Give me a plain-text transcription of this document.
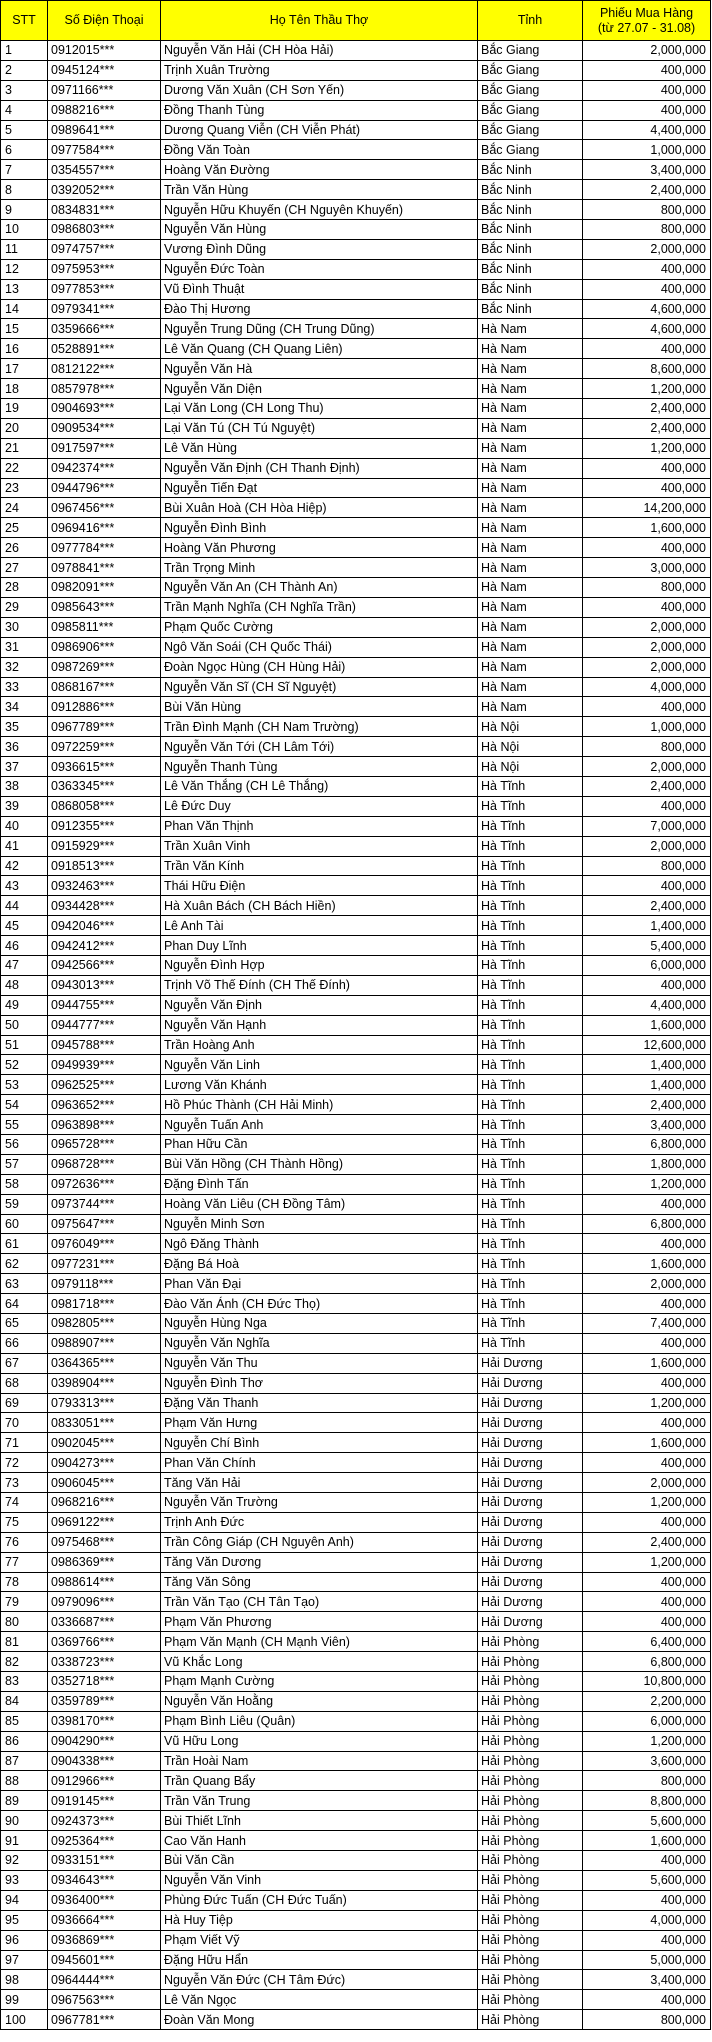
STT	Số Điện Thoại	Họ Tên Thầu Thợ	Tỉnh	Phiếu Mua Hàng
(từ 27.07 - 31.08)

1	0912015***	Nguyễn Văn Hải (CH Hòa Hải)	Bắc Giang	2,000,000
2	0945124***	Trịnh Xuân Trường	Bắc Giang	400,000
3	0971166***	Dương Văn Xuân (CH Sơn Yến)	Bắc Giang	400,000
4	0988216***	Đồng Thanh Tùng	Bắc Giang	400,000
5	0989641***	Dương Quang Viễn (CH Viễn Phát)	Bắc Giang	4,400,000
6	0977584***	Đồng Văn Toàn	Bắc Giang	1,000,000
7	0354557***	Hoàng Văn Đường	Bắc Ninh	3,400,000
8	0392052***	Trần Văn Hùng	Bắc Ninh	2,400,000
9	0834831***	Nguyễn Hữu Khuyến (CH Nguyên Khuyến)	Bắc Ninh	800,000
10	0986803***	Nguyễn Văn Hùng	Bắc Ninh	800,000
11	0974757***	Vương Đình Dũng	Bắc Ninh	2,000,000
12	0975953***	Nguyễn Đức Toàn	Bắc Ninh	400,000
13	0977853***	Vũ Đình Thuật	Bắc Ninh	400,000
14	0979341***	Đào Thị Hương	Bắc Ninh	4,600,000
15	0359666***	Nguyễn Trung Dũng (CH Trung Dũng)	Hà Nam	4,600,000
16	0528891***	Lê Văn Quang (CH Quang Liên)	Hà Nam	400,000
17	0812122***	Nguyễn Văn Hà	Hà Nam	8,600,000
18	0857978***	Nguyễn Văn Diện	Hà Nam	1,200,000
19	0904693***	Lại Văn Long (CH Long Thu)	Hà Nam	2,400,000
20	0909534***	Lại Văn Tú (CH Tú Nguyệt)	Hà Nam	2,400,000
21	0917597***	Lê Văn Hùng	Hà Nam	1,200,000
22	0942374***	Nguyễn Văn Định (CH Thanh Định)	Hà Nam	400,000
23	0944796***	Nguyễn Tiến Đạt	Hà Nam	400,000
24	0967456***	Bùi Xuân Hoà (CH Hòa Hiệp)	Hà Nam	14,200,000
25	0969416***	Nguyễn Đình Bình	Hà Nam	1,600,000
26	0977784***	Hoàng Văn Phương	Hà Nam	400,000
27	0978841***	Trần Trọng Minh	Hà Nam	3,000,000
28	0982091***	Nguyễn Văn An (CH Thành An)	Hà Nam	800,000
29	0985643***	Trần Mạnh Nghĩa (CH Nghĩa Trần)	Hà Nam	400,000
30	0985811***	Phạm Quốc Cường	Hà Nam	2,000,000
31	0986906***	Ngô Văn Soái (CH Quốc Thái)	Hà Nam	2,000,000
32	0987269***	Đoàn Ngọc Hùng (CH Hùng Hải)	Hà Nam	2,000,000
33	0868167***	Nguyễn Văn Sĩ (CH Sĩ Nguyệt)	Hà Nam	4,000,000
34	0912886***	Bùi Văn Hùng	Hà Nam	400,000
35	0967789***	Trần Đình Mạnh (CH Nam Trường)	Hà Nội	1,000,000
36	0972259***	Nguyễn Văn Tới (CH Lâm Tới)	Hà Nội	800,000
37	0936615***	Nguyễn Thanh Tùng	Hà Nội	2,000,000
38	0363345***	Lê Văn Thắng (CH Lê Thắng)	Hà Tĩnh	2,400,000
39	0868058***	Lê Đức Duy	Hà Tĩnh	400,000
40	0912355***	Phan Văn Thịnh	Hà Tĩnh	7,000,000
41	0915929***	Trần Xuân Vinh	Hà Tĩnh	2,000,000
42	0918513***	Trần Văn Kính	Hà Tĩnh	800,000
43	0932463***	Thái Hữu Điện	Hà Tĩnh	400,000
44	0934428***	Hà Xuân Bách (CH Bách Hiền)	Hà Tĩnh	2,400,000
45	0942046***	Lê Anh Tài	Hà Tĩnh	1,400,000
46	0942412***	Phan Duy Lĩnh	Hà Tĩnh	5,400,000
47	0942566***	Nguyễn Đình Hợp	Hà Tĩnh	6,000,000
48	0943013***	Trịnh Võ Thế Đính (CH Thế Đính)	Hà Tĩnh	400,000
49	0944755***	Nguyễn Văn Định	Hà Tĩnh	4,400,000
50	0944777***	Nguyễn Văn Hạnh	Hà Tĩnh	1,600,000
51	0945788***	Trần Hoàng Anh	Hà Tĩnh	12,600,000
52	0949939***	Nguyễn Văn Linh	Hà Tĩnh	1,400,000
53	0962525***	Lương Văn Khánh	Hà Tĩnh	1,400,000
54	0963652***	Hồ Phúc Thành (CH Hải Minh)	Hà Tĩnh	2,400,000
55	0963898***	Nguyễn Tuấn Anh	Hà Tĩnh	3,400,000
56	0965728***	Phan Hữu Cần	Hà Tĩnh	6,800,000
57	0968728***	Bùi Văn Hồng (CH Thành Hồng)	Hà Tĩnh	1,800,000
58	0972636***	Đặng Đình Tấn	Hà Tĩnh	1,200,000
59	0973744***	Hoàng Văn Liêu (CH Đồng Tâm)	Hà Tĩnh	400,000
60	0975647***	Nguyễn Minh Sơn	Hà Tĩnh	6,800,000
61	0976049***	Ngô Đăng Thành	Hà Tĩnh	400,000
62	0977231***	Đặng Bá Hoà	Hà Tĩnh	1,600,000
63	0979118***	Phan Văn Đại	Hà Tĩnh	2,000,000
64	0981718***	Đào Văn Ánh (CH Đức Thọ)	Hà Tĩnh	400,000
65	0982805***	Nguyễn Hùng Nga	Hà Tĩnh	7,400,000
66	0988907***	Nguyễn Văn Nghĩa	Hà Tĩnh	400,000
67	0364365***	Nguyễn Văn Thu	Hải Dương	1,600,000
68	0398904***	Nguyễn Đình Thơ	Hải Dương	400,000
69	0793313***	Đặng Văn Thanh	Hải Dương	1,200,000
70	0833051***	Phạm Văn Hưng	Hải Dương	400,000
71	0902045***	Nguyễn Chí Bình	Hải Dương	1,600,000
72	0904273***	Phan Văn Chính	Hải Dương	400,000
73	0906045***	Tăng Văn Hải	Hải Dương	2,000,000
74	0968216***	Nguyễn Văn Trường	Hải Dương	1,200,000
75	0969122***	Trịnh Anh Đức	Hải Dương	400,000
76	0975468***	Trần Công Giáp (CH Nguyên Anh)	Hải Dương	2,400,000
77	0986369***	Tăng Văn Dương	Hải Dương	1,200,000
78	0988614***	Tăng Văn Sông	Hải Dương	400,000
79	0979096***	Trần Văn Tạo (CH Tân Tạo)	Hải Dương	400,000
80	0336687***	Phạm Văn Phương	Hải Dương	400,000
81	0369766***	Phạm Văn Mạnh (CH Mạnh Viên)	Hải Phòng	6,400,000
82	0338723***	Vũ Khắc Long	Hải Phòng	6,800,000
83	0352718***	Phạm Mạnh Cường	Hải Phòng	10,800,000
84	0359789***	Nguyễn Văn Hoằng	Hải Phòng	2,200,000
85	0398170***	Phạm Bình Liêu (Quân)	Hải Phòng	6,000,000
86	0904290***	Vũ Hữu Long	Hải Phòng	1,200,000
87	0904338***	Trần Hoài Nam	Hải Phòng	3,600,000
88	0912966***	Trần Quang Bẩy	Hải Phòng	800,000
89	0919145***	Trần Văn Trung	Hải Phòng	8,800,000
90	0924373***	Bùi Thiết Lĩnh	Hải Phòng	5,600,000
91	0925364***	Cao Văn Hanh	Hải Phòng	1,600,000
92	0933151***	Bùi Văn Cần	Hải Phòng	400,000
93	0934643***	Nguyễn Văn Vinh	Hải Phòng	5,600,000
94	0936400***	Phùng Đức Tuấn (CH Đức Tuấn)	Hải Phòng	400,000
95	0936664***	Hà Huy Tiệp	Hải Phòng	4,000,000
96	0936869***	Phạm Viết Vỹ	Hải Phòng	400,000
97	0945601***	Đặng Hữu Hẩn	Hải Phòng	5,000,000
98	0964444***	Nguyễn Văn Đức (CH Tâm Đức)	Hải Phòng	3,400,000
99	0967563***	Lê Văn Ngọc	Hải Phòng	400,000
100	0967781***	Đoàn Văn Mong	Hải Phòng	800,000
